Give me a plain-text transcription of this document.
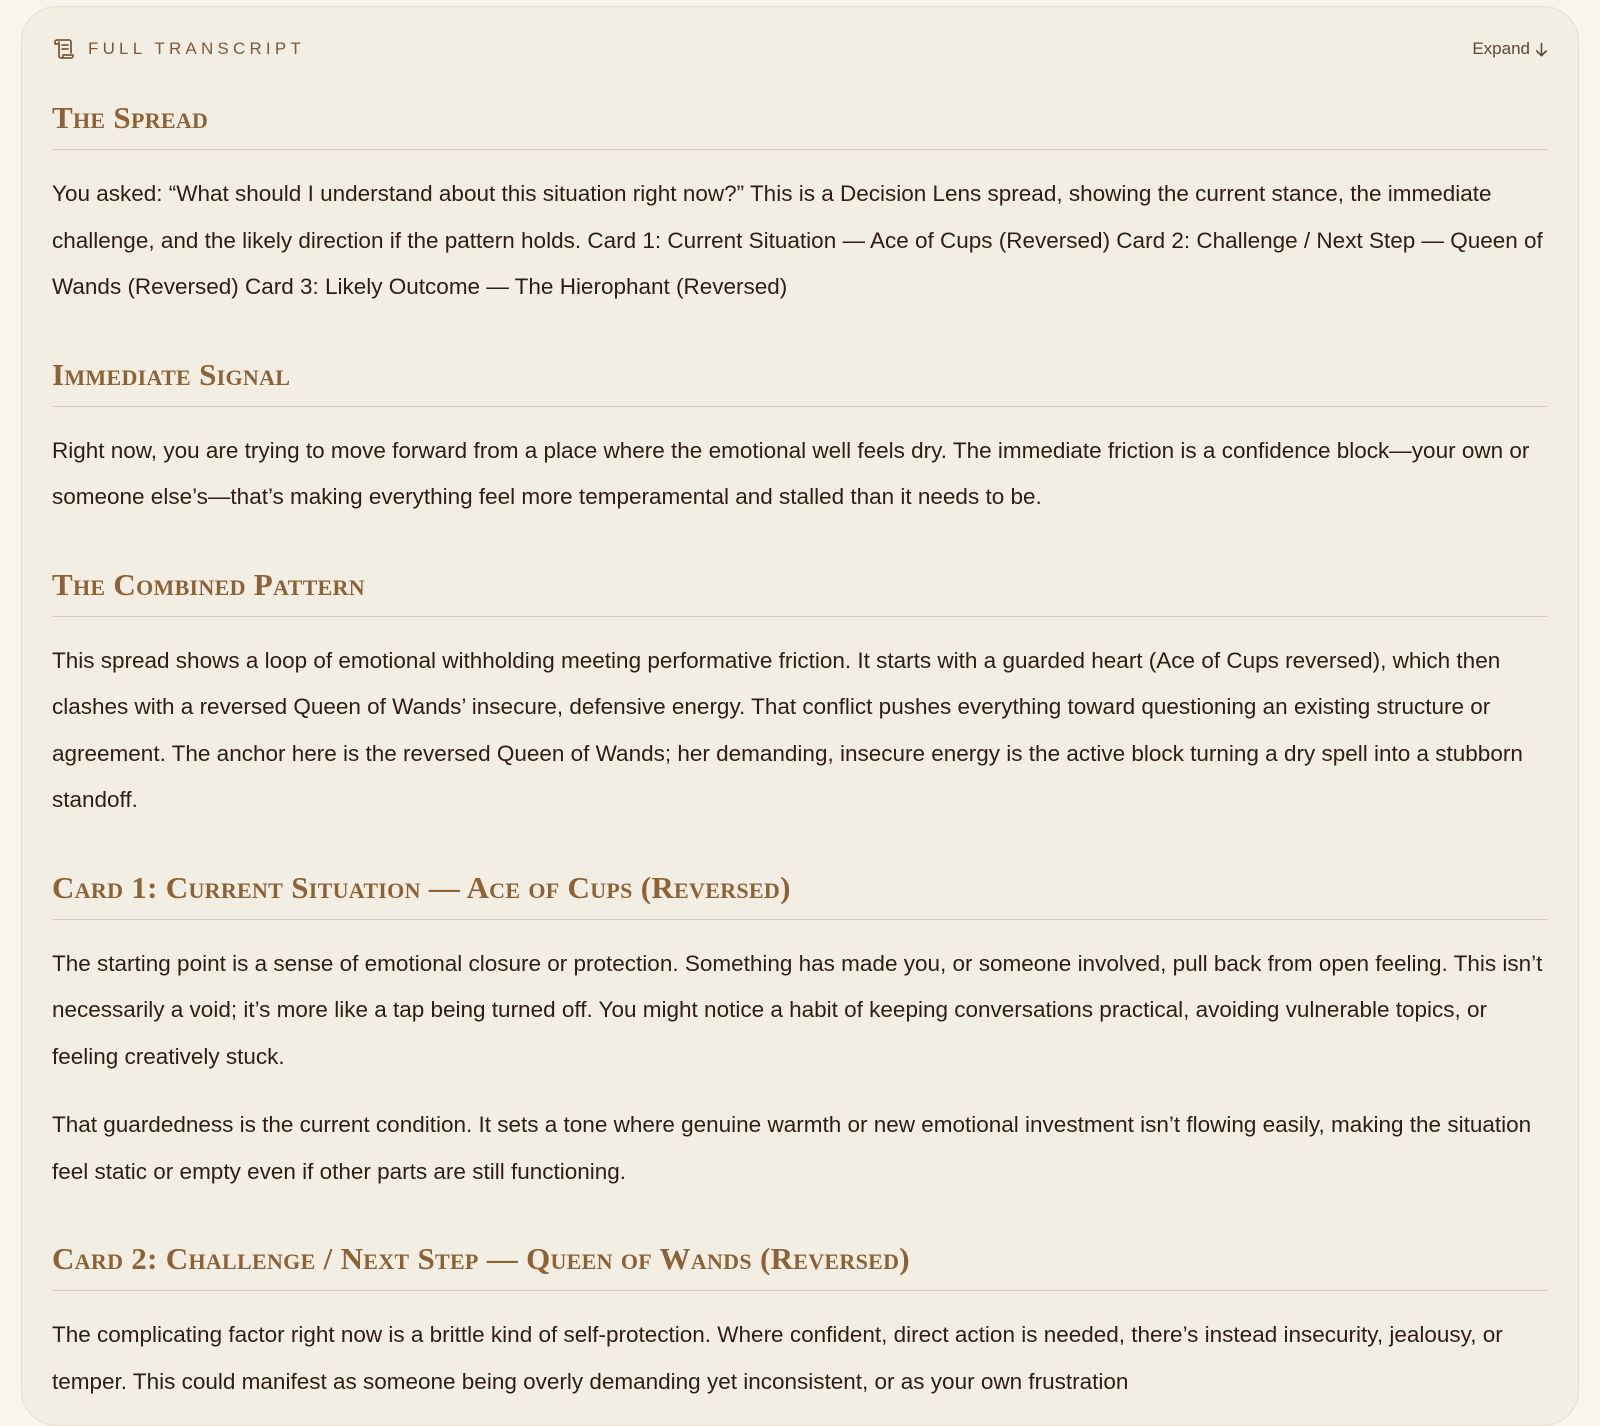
FULL TRANSCRIPT	Expand
The Spread

You asked: “What should I understand about this situation right now?” This is a Decision Lens spread, showing the current stance, the immediate challenge, and the likely direction if the pattern holds. Card 1: Current Situation — Ace of Cups (Reversed) Card 2: Challenge / Next Step — Queen of Wands (Reversed) Card 3: Likely Outcome — The Hierophant (Reversed)

Immediate Signal

Right now, you are trying to move forward from a place where the emotional well feels dry. The immediate friction is a confidence block—your own or someone else’s—that’s making everything feel more temperamental and stalled than it needs to be.

The Combined Pattern

This spread shows a loop of emotional withholding meeting performative friction. It starts with a guarded heart (Ace of Cups reversed), which then clashes with a reversed Queen of Wands’ insecure, defensive energy. That conflict pushes everything toward questioning an existing structure or agreement. The anchor here is the reversed Queen of Wands; her demanding, insecure energy is the active block turning a dry spell into a stubborn standoff.

Card 1: Current Situation — Ace of Cups (Reversed)

The starting point is a sense of emotional closure or protection. Something has made you, or someone involved, pull back from open feeling. This isn’t necessarily a void; it’s more like a tap being turned off. You might notice a habit of keeping conversations practical, avoiding vulnerable topics, or feeling creatively stuck.

That guardedness is the current condition. It sets a tone where genuine warmth or new emotional investment isn’t flowing easily, making the situation feel static or empty even if other parts are still functioning.

Card 2: Challenge / Next Step — Queen of Wands (Reversed)

The complicating factor right now is a brittle kind of self-protection. Where confident, direct action is needed, there’s instead insecurity, jealousy, or temper. This could manifest as someone being overly demanding yet inconsistent, or as your own frustration
